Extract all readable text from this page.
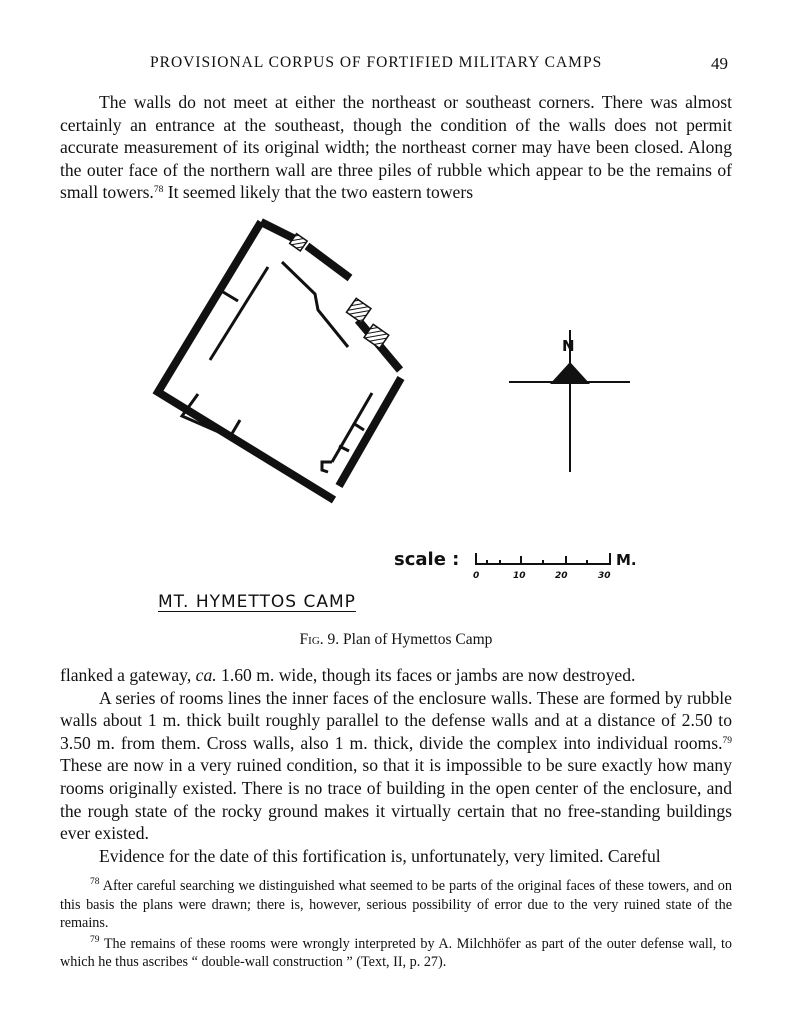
PROVISIONAL CORPUS OF FORTIFIED MILITARY CAMPS	49

The walls do not meet at either the northeast or southeast corners. There was almost certainly an entrance at the southeast, though the condition of the walls does not permit accurate measurement of its original width; the northeast corner may have been closed. Along the outer face of the northern wall are three piles of rubble which appear to be the remains of small towers.$^{78}$ It seemed likely that the two eastern towers

N
scale :	M.
0	10	20	30
MT. HYMETTOS CAMP
Fig. 9. Plan of Hymettos Camp

flanked a gateway, ca. 1.60 m. wide, though its faces or jambs are now destroyed.

A series of rooms lines the inner faces of the enclosure walls. These are formed by rubble walls about 1 m. thick built roughly parallel to the defense walls and at a distance of 2.50 to 3.50 m. from them. Cross walls, also 1 m. thick, divide the complex into individual rooms.$^{79}$ These are now in a very ruined condition, so that it is impossible to be sure exactly how many rooms originally existed. There is no trace of building in the open center of the enclosure, and the rough state of the rocky ground makes it virtually certain that no free-standing buildings ever existed.

Evidence for the date of this fortification is, unfortunately, very limited. Careful

$^{78}$ After careful searching we distinguished what seemed to be parts of the original faces of these towers, and on this basis the plans were drawn; there is, however, serious possibility of error due to the very ruined state of the remains.

$^{79}$ The remains of these rooms were wrongly interpreted by A. Milchhöfer as part of the outer defense wall, to which he thus ascribes “ double-wall construction ” (Text, II, p. 27).
